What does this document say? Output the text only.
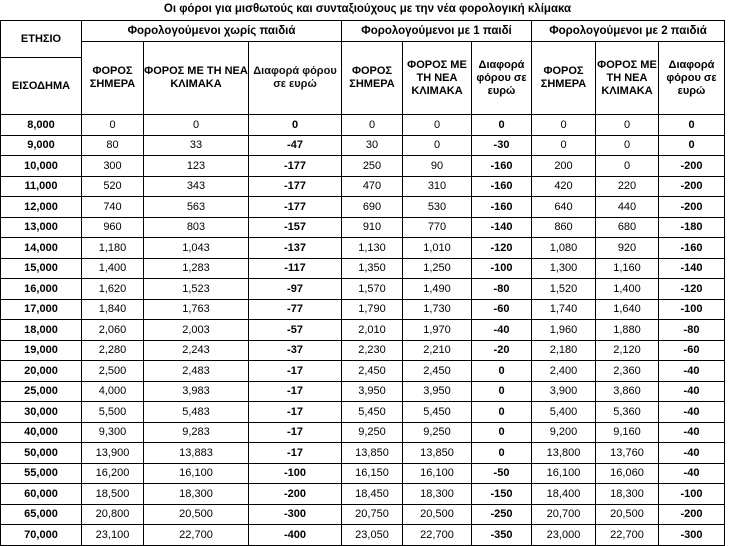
Οι φόροι για μισθωτούς και συνταξιούχους με την νέα φορολογική κλίμακα
ΕΤΗΣΙΟ
ΕΙΣΟΔΗΜΑ	Φορολογούμενοι χωρίς παιδιά			Φορολογούμενοι με 1 παιδί			Φορολογούμενοι με 2 παιδιά		
	ΦΟΡΟΣ ΣΗΜΕΡΑ	ΦΟΡΟΣ ΜΕ ΤΗ ΝΕΑ ΚΛΙΜΑΚΑ	Διαφορά φόρου σε ευρώ	ΦΟΡΟΣ ΣΗΜΕΡΑ	ΦΟΡΟΣ ΜΕ ΤΗ ΝΕΑ ΚΛΙΜΑΚΑ	Διαφορά φόρου σε ευρώ	ΦΟΡΟΣ ΣΗΜΕΡΑ	ΦΟΡΟΣ ΜΕ ΤΗ ΝΕΑ ΚΛΙΜΑΚΑ	Διαφορά φόρου σε ευρώ

8,000	0	0	0	0	0	0	0	0	0
9,000	80	33	-47	30	0	-30	0	0	0
10,000	300	123	-177	250	90	-160	200	0	-200
11,000	520	343	-177	470	310	-160	420	220	-200
12,000	740	563	-177	690	530	-160	640	440	-200
13,000	960	803	-157	910	770	-140	860	680	-180
14,000	1,180	1,043	-137	1,130	1,010	-120	1,080	920	-160
15,000	1,400	1,283	-117	1,350	1,250	-100	1,300	1,160	-140
16,000	1,620	1,523	-97	1,570	1,490	-80	1,520	1,400	-120
17,000	1,840	1,763	-77	1,790	1,730	-60	1,740	1,640	-100
18,000	2,060	2,003	-57	2,010	1,970	-40	1,960	1,880	-80
19,000	2,280	2,243	-37	2,230	2,210	-20	2,180	2,120	-60
20,000	2,500	2,483	-17	2,450	2,450	0	2,400	2,360	-40
25,000	4,000	3,983	-17	3,950	3,950	0	3,900	3,860	-40
30,000	5,500	5,483	-17	5,450	5,450	0	5,400	5,360	-40
40,000	9,300	9,283	-17	9,250	9,250	0	9,200	9,160	-40
50,000	13,900	13,883	-17	13,850	13,850	0	13,800	13,760	-40
55,000	16,200	16,100	-100	16,150	16,100	-50	16,100	16,060	-40
60,000	18,500	18,300	-200	18,450	18,300	-150	18,400	18,300	-100
65,000	20,800	20,500	-300	20,750	20,500	-250	20,700	20,500	-200
70,000	23,100	22,700	-400	23,050	22,700	-350	23,000	22,700	-300
